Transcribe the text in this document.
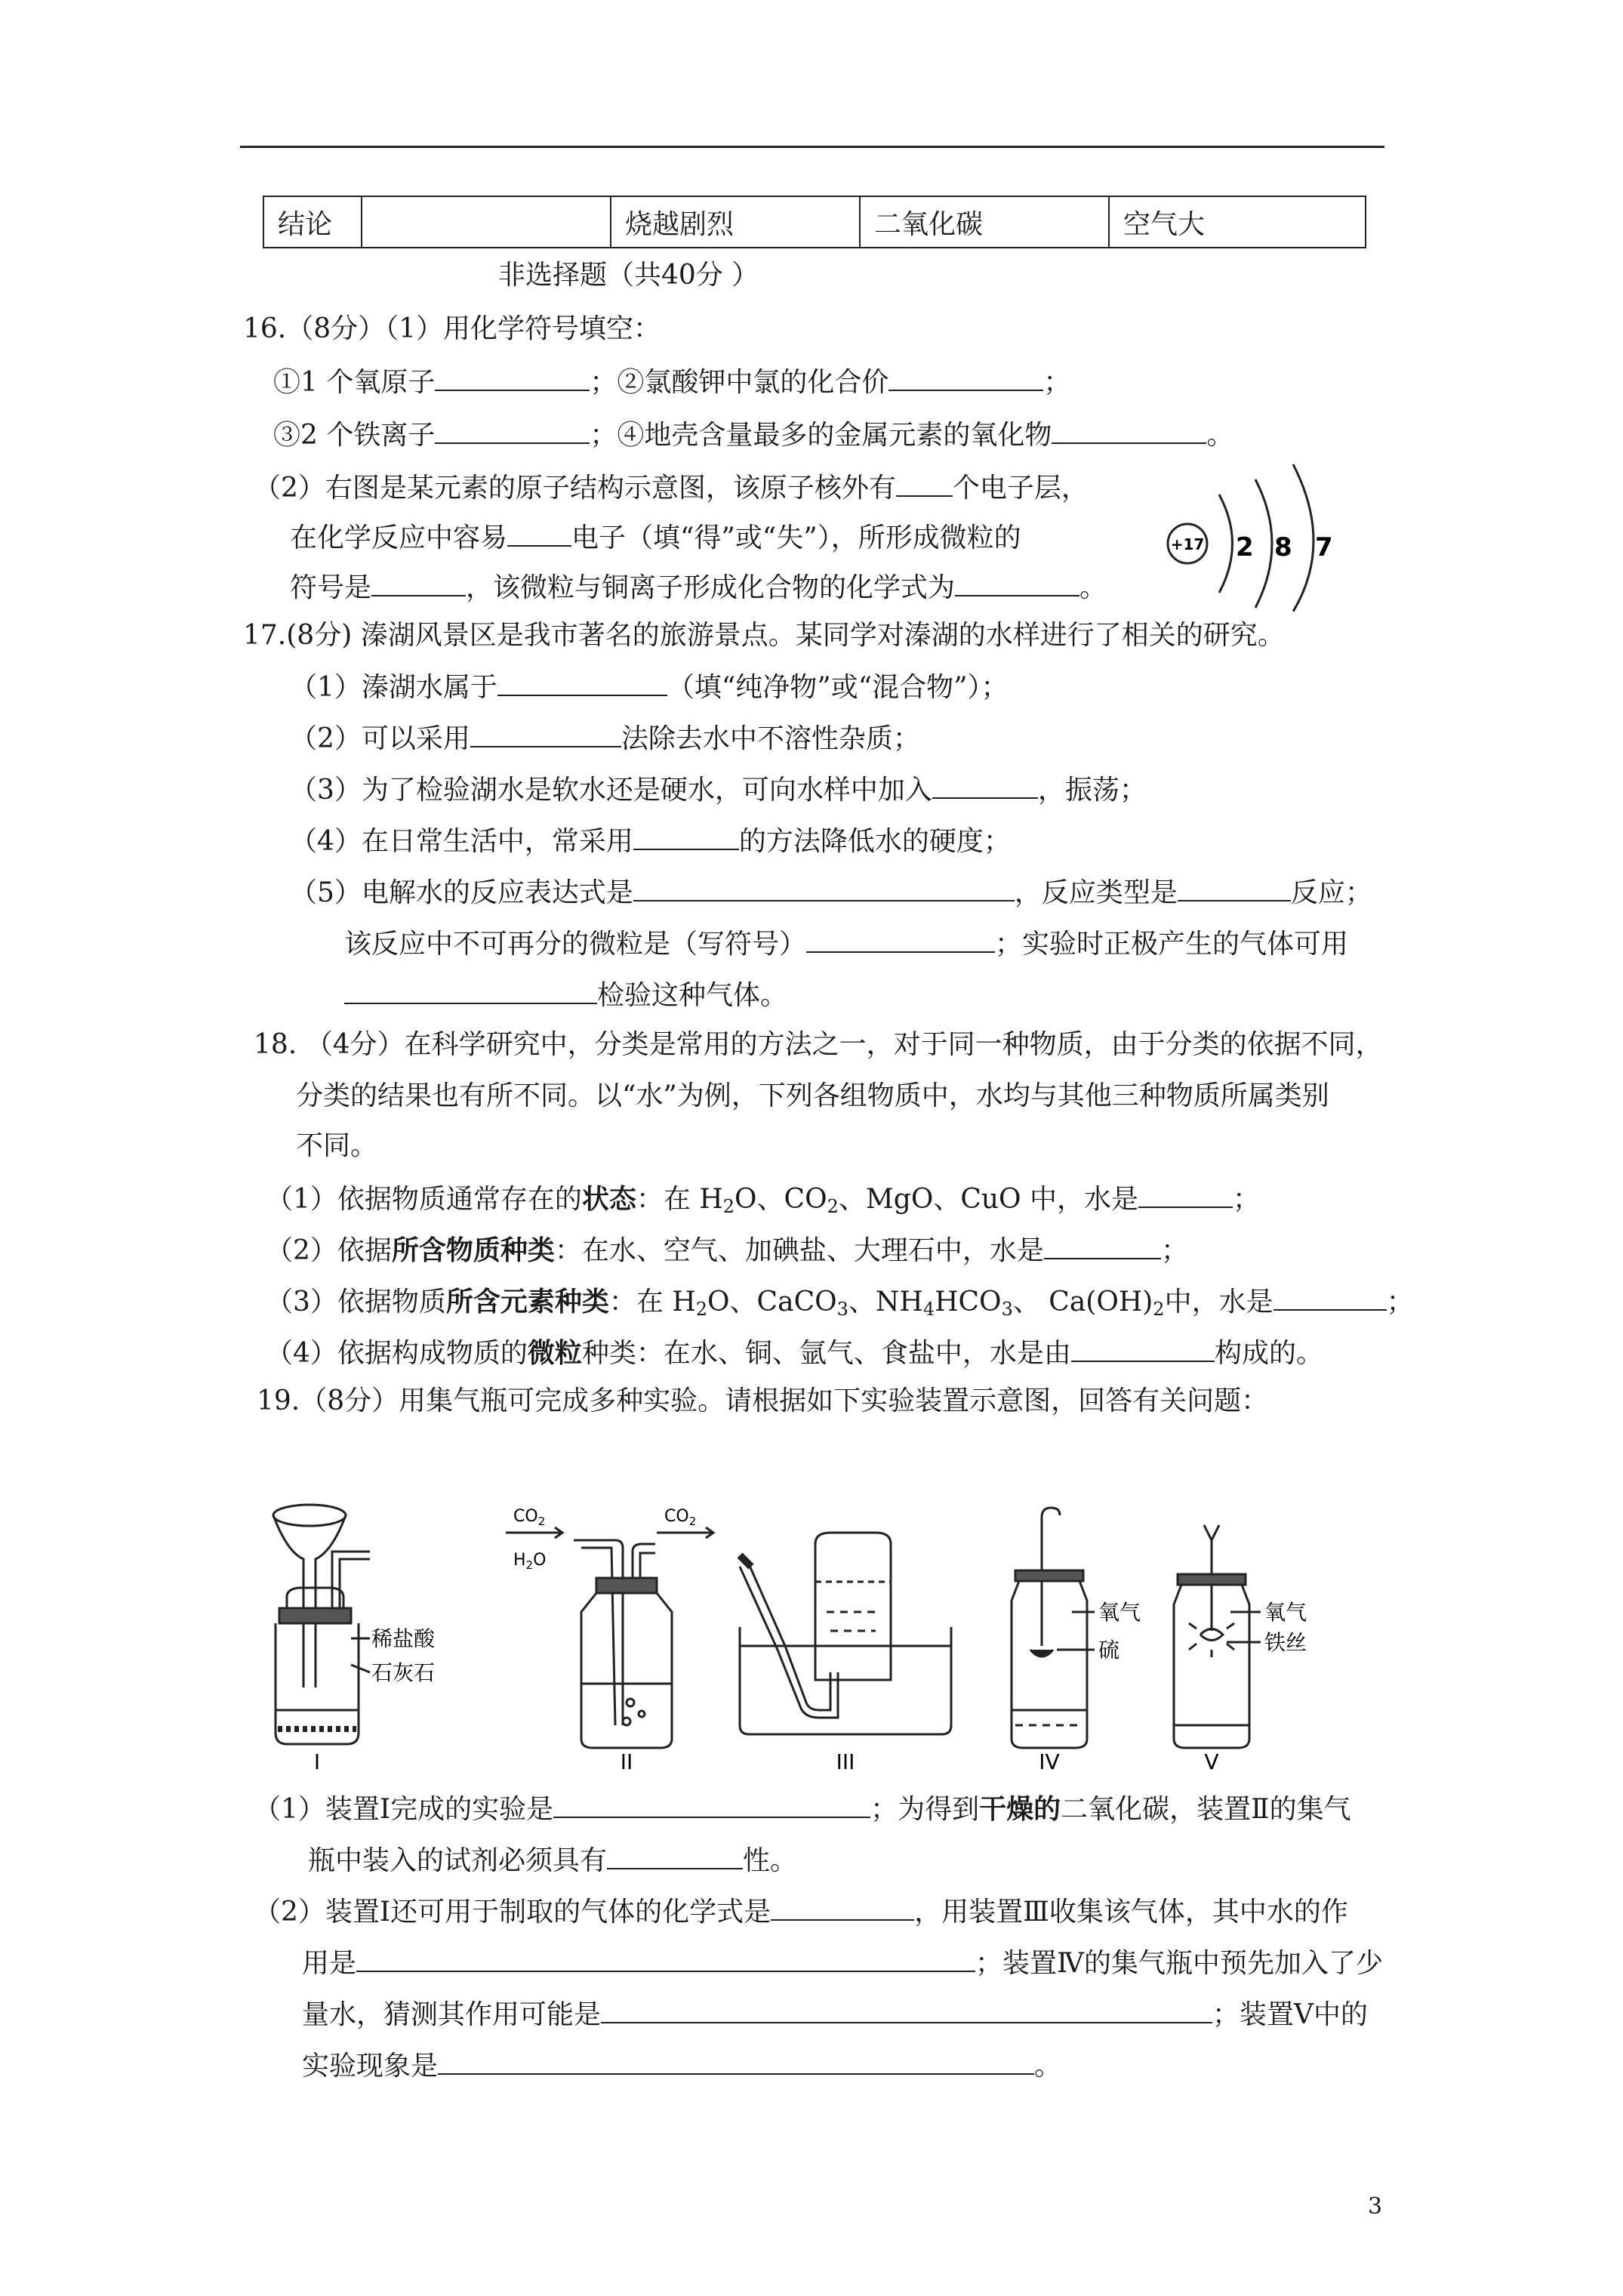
结论		烧越剧烈	二氧化碳	空气大
非选择题（共40分 ）
16.（8分）（1）用化学符号填空：
①1 个氧原子	；②氯酸钾中氯的化合价	；
③2 个铁离子	；④地壳含量最多的金属元素的氧化物	。
（2）右图是某元素的原子结构示意图，该原子核外有 个电子层，
在化学反应中容易 电子（填“得”或“失”），所形成微粒的
符号是	，该微粒与铜离子形成化合物的化学式为	。
+17 2 8 7
17.(8分) 溱湖风景区是我市著名的旅游景点。某同学对溱湖的水样进行了相关的研究。
（1）溱湖水属于	（填“纯净物”或“混合物”）；
（2）可以采用	法除去水中不溶性杂质；
（3）为了检验湖水是软水还是硬水，可向水样中加入	，振荡；
（4）在日常生活中，常采用	的方法降低水的硬度；
（5）电解水的反应表达式是	，反应类型是	反应；
该反应中不可再分的微粒是（写符号）	；实验时正极产生的气体可用
检验这种气体。
18. （4分）在科学研究中，分类是常用的方法之一，对于同一种物质，由于分类的依据不同，
分类的结果也有所不同。以“水”为例，下列各组物质中，水均与其他三种物质所属类别
不同。
（1）依据物质通常存在的状态：在 $H_2O$、$CO_2$、MgO、CuO 中，水是	；
（2）依据所含物质种类：在水、空气、加碘盐、大理石中，水是	；
（3）依据物质所含元素种类：在 $H_2O$、CaCO$_3$、$NH_4HCO_3$、 $Ca(OH)_2$中，水是	；
（4）依据构成物质的微粒种类：在水、铜、氩气、食盐中，水是由	构成的。
19.（8分）用集气瓶可完成多种实验。请根据如下实验装置示意图，回答有关问题：
稀盐酸
石灰石
I
$CO_2$
$H_2O$
$CO_2$
II	III
氧气
硫
IV
氧气
铁丝
V
（1）装置Ⅰ完成的实验是	；为得到干燥的二氧化碳，装置Ⅱ的集气
瓶中装入的试剂必须具有	性。
（2）装置Ⅰ还可用于制取的气体的化学式是	，用装置Ⅲ收集该气体，其中水的作
用是	；装置Ⅳ的集气瓶中预先加入了少
量水，猜测其作用可能是	；装置Ⅴ中的
实验现象是	。
3
